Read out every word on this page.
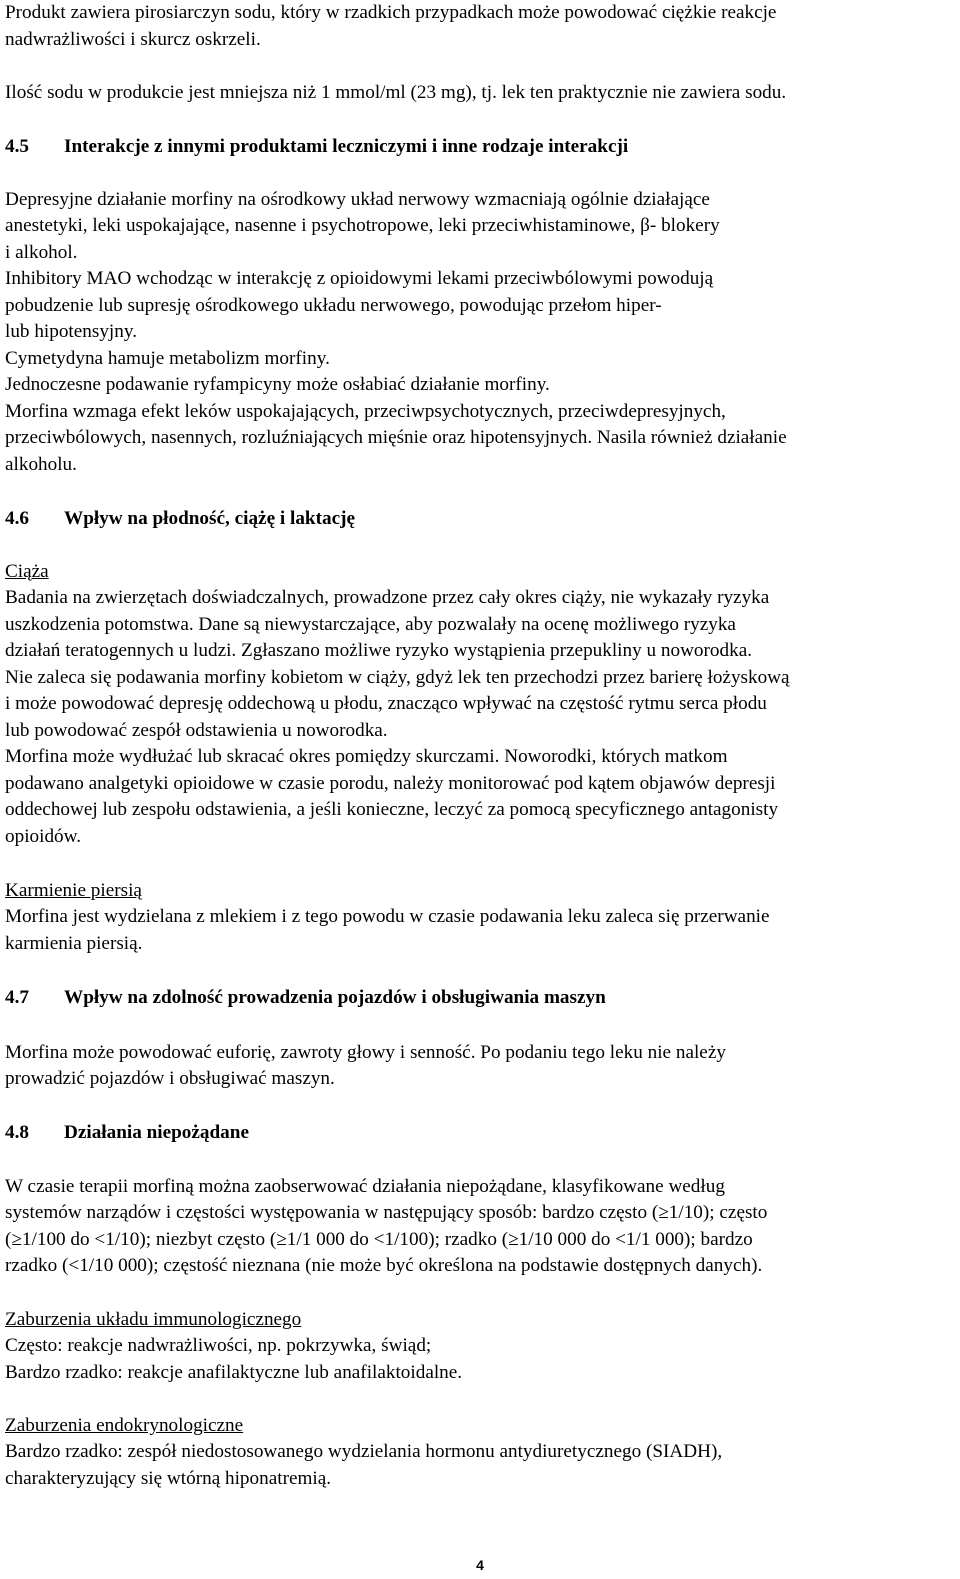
Produkt zawiera pirosiarczyn sodu, który w rzadkich przypadkach może powodować ciężkie reakcje
nadwrażliwości i skurcz oskrzeli.
Ilość sodu w produkcie jest mniejsza niż 1 mmol/ml (23 mg), tj. lek ten praktycznie nie zawiera sodu.
4.5 Interakcje z innymi produktami leczniczymi i inne rodzaje interakcji
Depresyjne działanie morfiny na ośrodkowy układ nerwowy wzmacniają ogólnie działające
anestetyki, leki uspokajające, nasenne i psychotropowe, leki przeciwhistaminowe, β- blokery
i alkohol.
Inhibitory MAO wchodząc w interakcję z opioidowymi lekami przeciwbólowymi powodują
pobudzenie lub supresję ośrodkowego układu nerwowego, powodując przełom hiper-
lub hipotensyjny.
Cymetydyna hamuje metabolizm morfiny.
Jednoczesne podawanie ryfampicyny może osłabiać działanie morfiny.
Morfina wzmaga efekt leków uspokajających, przeciwpsychotycznych, przeciwdepresyjnych,
przeciwbólowych, nasennych, rozluźniających mięśnie oraz hipotensyjnych. Nasila również działanie
alkoholu.
4.6 Wpływ na płodność, ciążę i laktację
Ciąża
Badania na zwierzętach doświadczalnych, prowadzone przez cały okres ciąży, nie wykazały ryzyka
uszkodzenia potomstwa. Dane są niewystarczające, aby pozwalały na ocenę możliwego ryzyka
działań teratogennych u ludzi. Zgłaszano możliwe ryzyko wystąpienia przepukliny u noworodka.
Nie zaleca się podawania morfiny kobietom w ciąży, gdyż lek ten przechodzi przez barierę łożyskową
i może powodować depresję oddechową u płodu, znacząco wpływać na częstość rytmu serca płodu
lub powodować zespół odstawienia u noworodka.
Morfina może wydłużać lub skracać okres pomiędzy skurczami. Noworodki, których matkom
podawano analgetyki opioidowe w czasie porodu, należy monitorować pod kątem objawów depresji
oddechowej lub zespołu odstawienia, a jeśli konieczne, leczyć za pomocą specyficznego antagonisty
opioidów.
Karmienie piersią
Morfina jest wydzielana z mlekiem i z tego powodu w czasie podawania leku zaleca się przerwanie
karmienia piersią.
4.7 Wpływ na zdolność prowadzenia pojazdów i obsługiwania maszyn
Morfina może powodować euforię, zawroty głowy i senność. Po podaniu tego leku nie należy
prowadzić pojazdów i obsługiwać maszyn.
4.8 Działania niepożądane
W czasie terapii morfiną można zaobserwować działania niepożądane, klasyfikowane według
systemów narządów i częstości występowania w następujący sposób: bardzo często (≥1/10); często
(≥1/100 do <1/10); niezbyt często (≥1/1 000 do <1/100); rzadko (≥1/10 000 do <1/1 000); bardzo
rzadko (<1/10 000); częstość nieznana (nie może być określona na podstawie dostępnych danych).
Zaburzenia układu immunologicznego
Często: reakcje nadwrażliwości, np. pokrzywka, świąd;
Bardzo rzadko: reakcje anafilaktyczne lub anafilaktoidalne.
Zaburzenia endokrynologiczne
Bardzo rzadko: zespół niedostosowanego wydzielania hormonu antydiuretycznego (SIADH),
charakteryzujący się wtórną hiponatremią.
4
